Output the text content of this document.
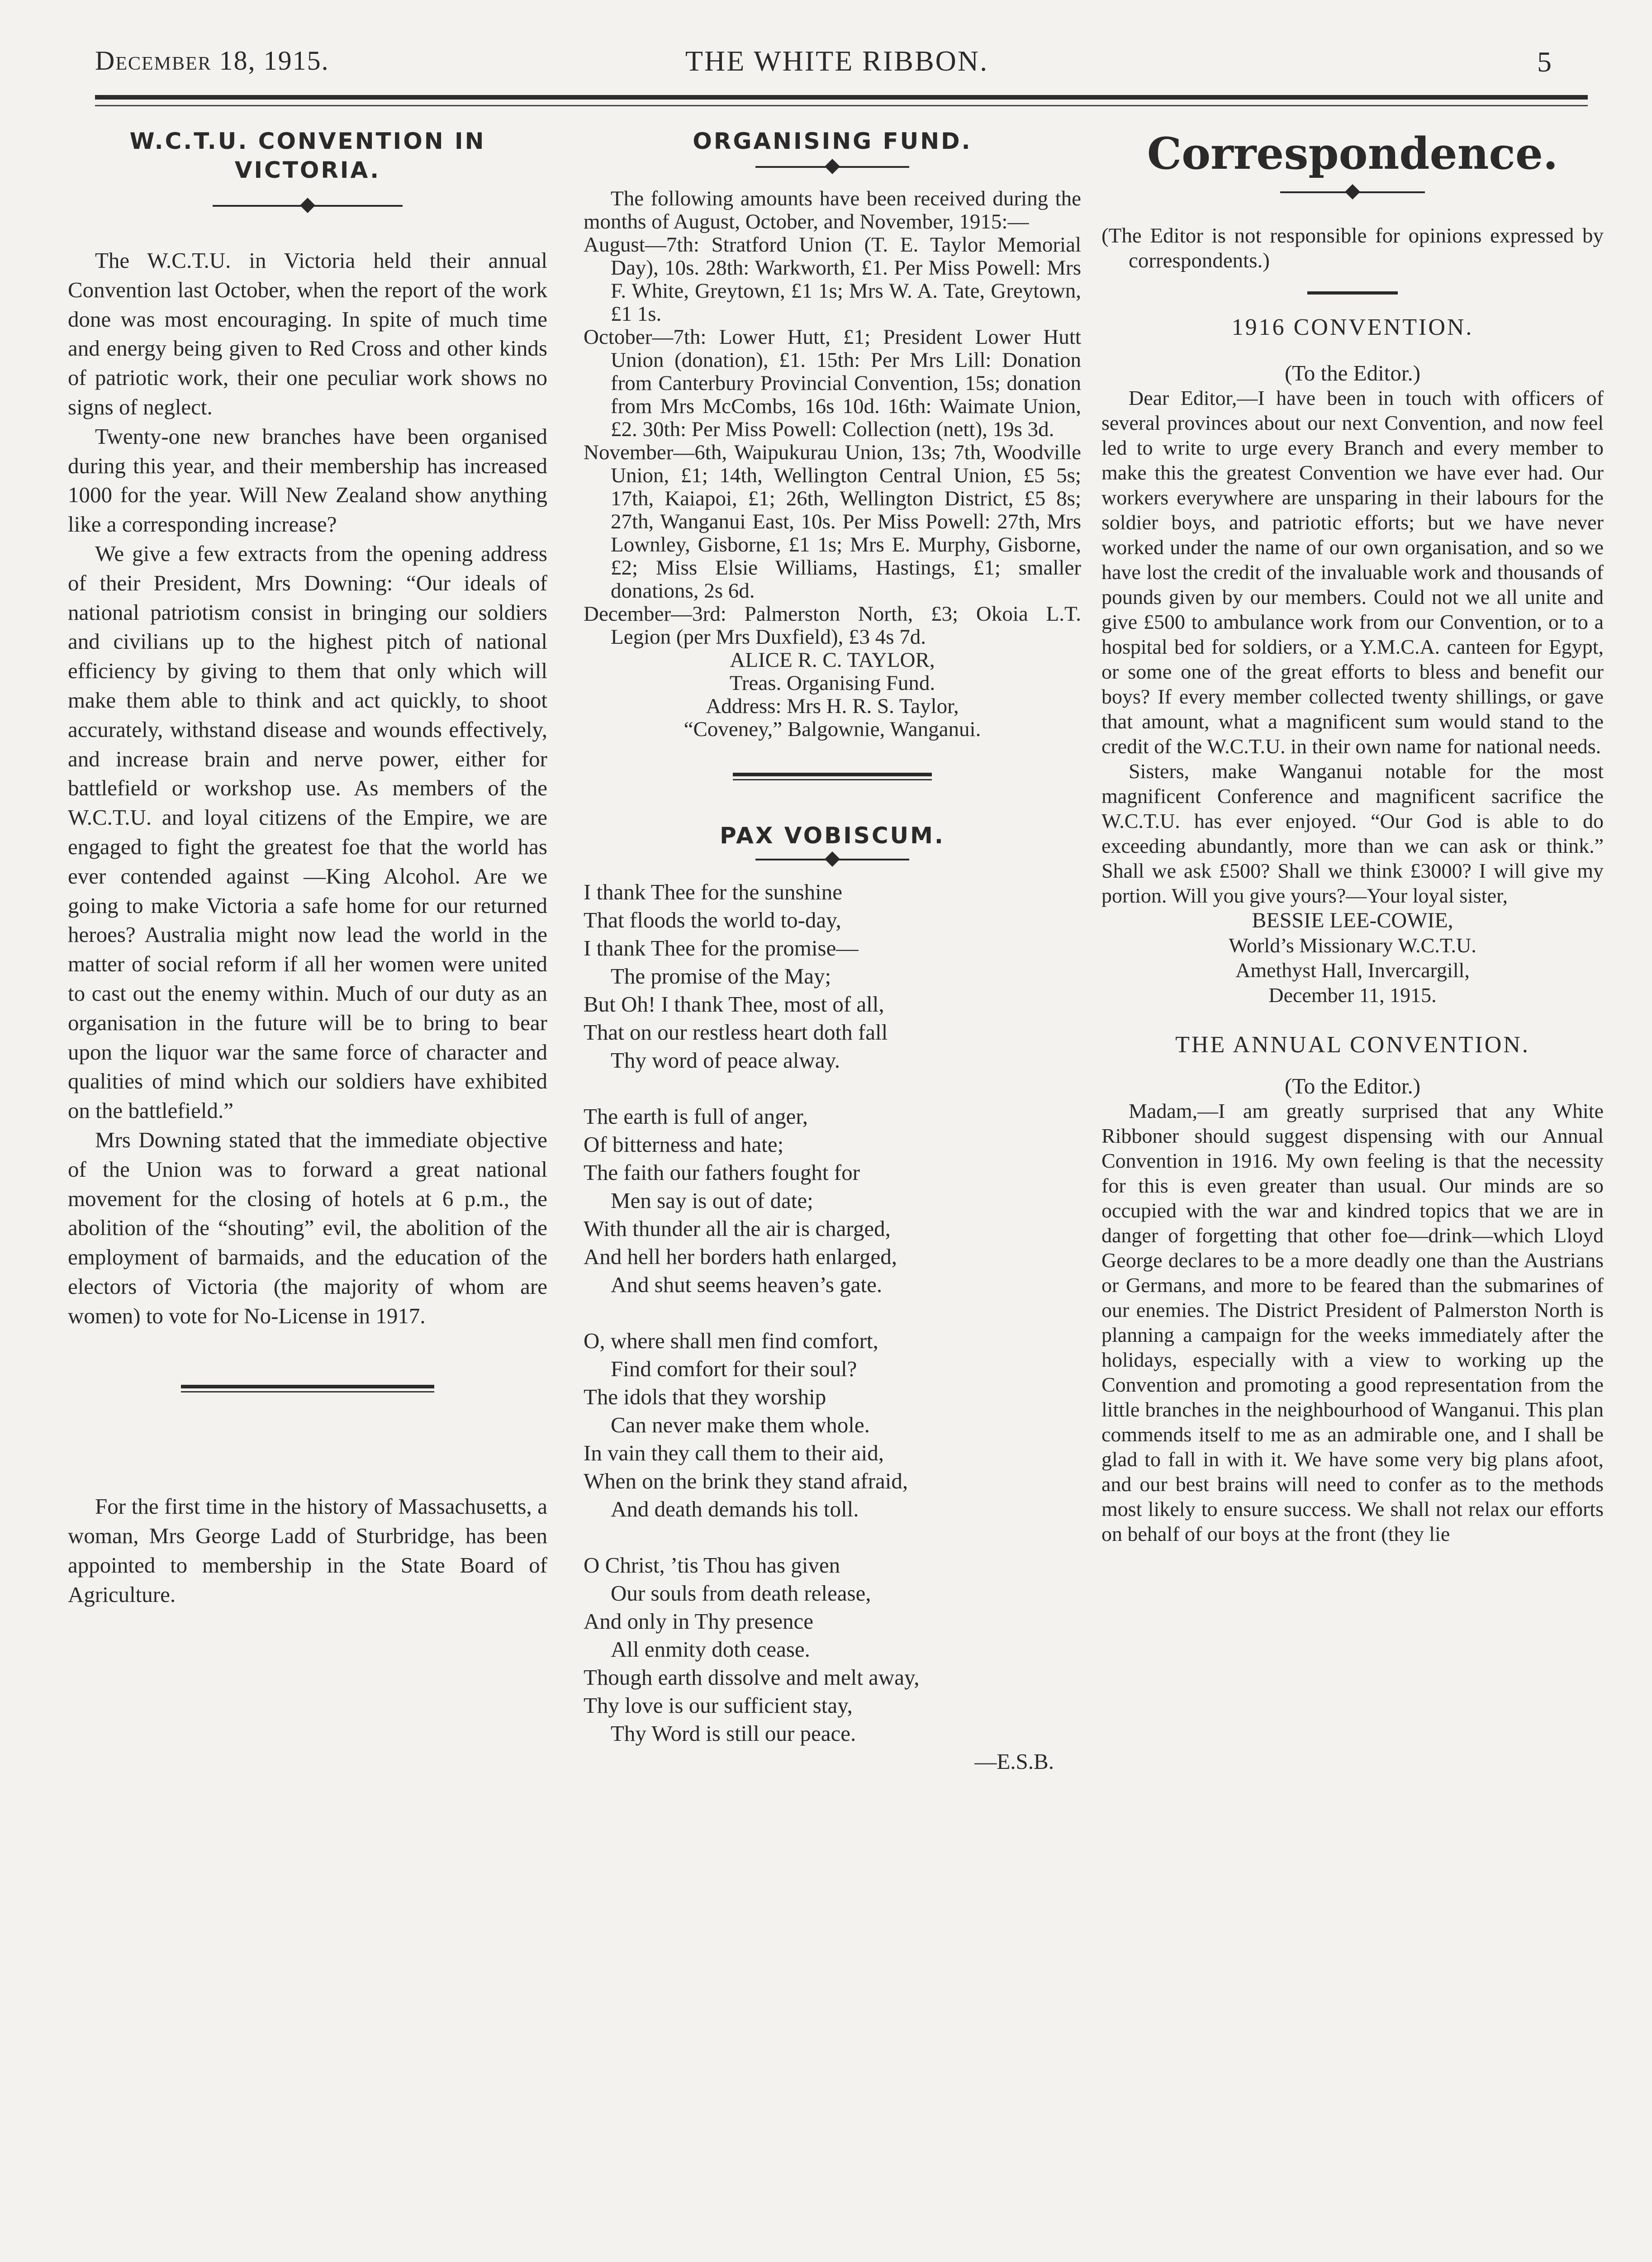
December 18, 1915.	THE WHITE RIBBON.	5
W.C.T.U. CONVENTION IN
VICTORIA.

The W.C.T.U. in Victoria held their annual Convention last October, when the report of the work done was most encouraging. In spite of much time and energy being given to Red Cross and other kinds of patriotic work, their one peculiar work shows no signs of neglect.

Twenty-one new branches have been organised during this year, and their membership has increased 1000 for the year. Will New Zealand show anything like a corresponding increase?

We give a few extracts from the opening address of their President, Mrs Downing: “Our ideals of national patriotism consist in bringing our soldiers and civilians up to the highest pitch of national efficiency by giving to them that only which will make them able to think and act quickly, to shoot accurately, withstand disease and wounds effectively, and increase brain and nerve power, either for battlefield or workshop use. As members of the W.C.T.U. and loyal citizens of the Empire, we are engaged to fight the greatest foe that the world has ever contended against —King Alcohol. Are we going to make Victoria a safe home for our returned heroes? Australia might now lead the world in the matter of social reform if all her women were united to cast out the enemy within. Much of our duty as an organisation in the future will be to bring to bear upon the liquor war the same force of character and qualities of mind which our soldiers have exhibited on the battlefield.”

Mrs Downing stated that the immediate objective of the Union was to forward a great national movement for the closing of hotels at 6 p.m., the abolition of the “shouting” evil, the abolition of the employment of barmaids, and the education of the electors of Victoria (the majority of whom are women) to vote for No-License in 1917.

For the first time in the history of Massachusetts, a woman, Mrs George Ladd of Sturbridge, has been appointed to membership in the State Board of Agriculture.

ORGANISING FUND.

The following amounts have been received during the months of August, October, and November, 1915:—

August—7th: Stratford Union (T. E. Taylor Memorial Day), 10s. 28th: Warkworth, £1. Per Miss Powell: Mrs F. White, Greytown, £1 1s; Mrs W. A. Tate, Greytown, £1 1s.

October—7th: Lower Hutt, £1; President Lower Hutt Union (donation), £1. 15th: Per Mrs Lill: Donation from Canterbury Provincial Convention, 15s; donation from Mrs McCombs, 16s 10d. 16th: Waimate Union, £2. 30th: Per Miss Powell: Collection (nett), 19s 3d.

November—6th, Waipukurau Union, 13s; 7th, Woodville Union, £1; 14th, Wellington Central Union, £5 5s; 17th, Kaiapoi, £1; 26th, Wellington District, £5 8s; 27th, Wanganui East, 10s. Per Miss Powell: 27th, Mrs Lownley, Gisborne, £1 1s; Mrs E. Murphy, Gisborne, £2; Miss Elsie Williams, Hastings, £1; smaller donations, 2s 6d.

December—3rd: Palmerston North, £3; Okoia L.T. Legion (per Mrs Duxfield), £3 4s 7d.

ALICE R. C. TAYLOR,
Treas. Organising Fund.
Address: Mrs H. R. S. Taylor,
“Coveney,” Balgownie, Wanganui.
PAX VOBISCUM.
I thank Thee for the sunshine
That floods the world to-day,
I thank Thee for the promise—
The promise of the May;
But Oh! I thank Thee, most of all,
That on our restless heart doth fall
Thy word of peace alway.
The earth is full of anger,
Of bitterness and hate;
The faith our fathers fought for
Men say is out of date;
With thunder all the air is charged,
And hell her borders hath enlarged,
And shut seems heaven’s gate.
O, where shall men find comfort,
Find comfort for their soul?
The idols that they worship
Can never make them whole.
In vain they call them to their aid,
When on the brink they stand afraid,
And death demands his toll.
O Christ, ’tis Thou has given
Our souls from death release,
And only in Thy presence
All enmity doth cease.
Though earth dissolve and melt away,
Thy love is our sufficient stay,
Thy Word is still our peace.
—E.S.B.
Correspondence.

(The Editor is not responsible for opinions expressed by correspondents.)

1916 CONVENTION.
(To the Editor.)

Dear Editor,—I have been in touch with officers of several provinces about our next Convention, and now feel led to write to urge every Branch and every member to make this the greatest Convention we have ever had. Our workers everywhere are unsparing in their labours for the soldier boys, and patriotic efforts; but we have never worked under the name of our own organisation, and so we have lost the credit of the invaluable work and thousands of pounds given by our members. Could not we all unite and give £500 to ambulance work from our Convention, or to a hospital bed for soldiers, or a Y.M.C.A. canteen for Egypt, or some one of the great efforts to bless and benefit our boys? If every member collected twenty shillings, or gave that amount, what a magnificent sum would stand to the credit of the W.C.T.U. in their own name for national needs.

Sisters, make Wanganui notable for the most magnificent Conference and magnificent sacrifice the W.C.T.U. has ever enjoyed. “Our God is able to do exceeding abundantly, more than we can ask or think.” Shall we ask £500? Shall we think £3000? I will give my portion. Will you give yours?—Your loyal sister,

BESSIE LEE-COWIE,
World’s Missionary W.C.T.U.
Amethyst Hall, Invercargill,
December 11, 1915.
THE ANNUAL CONVENTION.
(To the Editor.)

Madam,—I am greatly surprised that any White Ribboner should suggest dispensing with our Annual Convention in 1916. My own feeling is that the necessity for this is even greater than usual. Our minds are so occupied with the war and kindred topics that we are in danger of forgetting that other foe—drink—which Lloyd George declares to be a more deadly one than the Austrians or Germans, and more to be feared than the submarines of our enemies. The District President of Palmerston North is planning a campaign for the weeks immediately after the holidays, especially with a view to working up the Convention and promoting a good representation from the little branches in the neighbourhood of Wanganui. This plan commends itself to me as an admirable one, and I shall be glad to fall in with it. We have some very big plans afoot, and our best brains will need to confer as to the methods most likely to ensure success. We shall not relax our efforts on behalf of our boys at the front (they lie
